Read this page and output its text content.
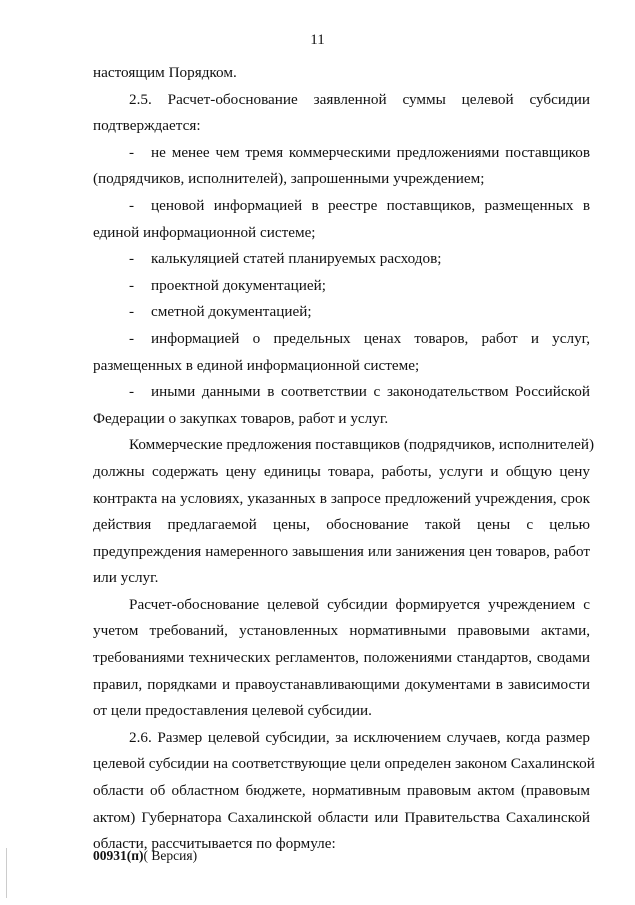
11
настоящим Порядком.
2.5. Расчет-обоснование заявленной суммы целевой субсидии
подтверждается:
-	не менее чем тремя коммерческими предложениями поставщиков
(подрядчиков, исполнителей), запрошенными учреждением;
-	ценовой информацией в реестре поставщиков, размещенных в
единой информационной системе;
- калькуляцией статей планируемых расходов;
- проектной документацией;
- сметной документацией;
-	информацией о предельных ценах товаров, работ и услуг,
размещенных в единой информационной системе;
-	иными данными в соответствии с законодательством Российской
Федерации о закупках товаров, работ и услуг.
Коммерческие предложения поставщиков (подрядчиков, исполнителей)
должны содержать цену единицы товара, работы, услуги и общую цену
контракта на условиях, указанных в запросе предложений учреждения, срок
действия предлагаемой цены, обоснование такой цены с целью
предупреждения намеренного завышения или занижения цен товаров, работ
или услуг.
Расчет-обоснование целевой субсидии формируется учреждением с
учетом требований, установленных нормативными правовыми актами,
требованиями технических регламентов, положениями стандартов, сводами
правил, порядками и правоустанавливающими документами в зависимости
от цели предоставления целевой субсидии.
2.6. Размер целевой субсидии, за исключением случаев, когда размер
целевой субсидии на соответствующие цели определен законом Сахалинской
области об областном бюджете, нормативным правовым актом (правовым
актом) Губернатора Сахалинской области или Правительства Сахалинской
области, рассчитывается по формуле:
00931(п)( Версия)
